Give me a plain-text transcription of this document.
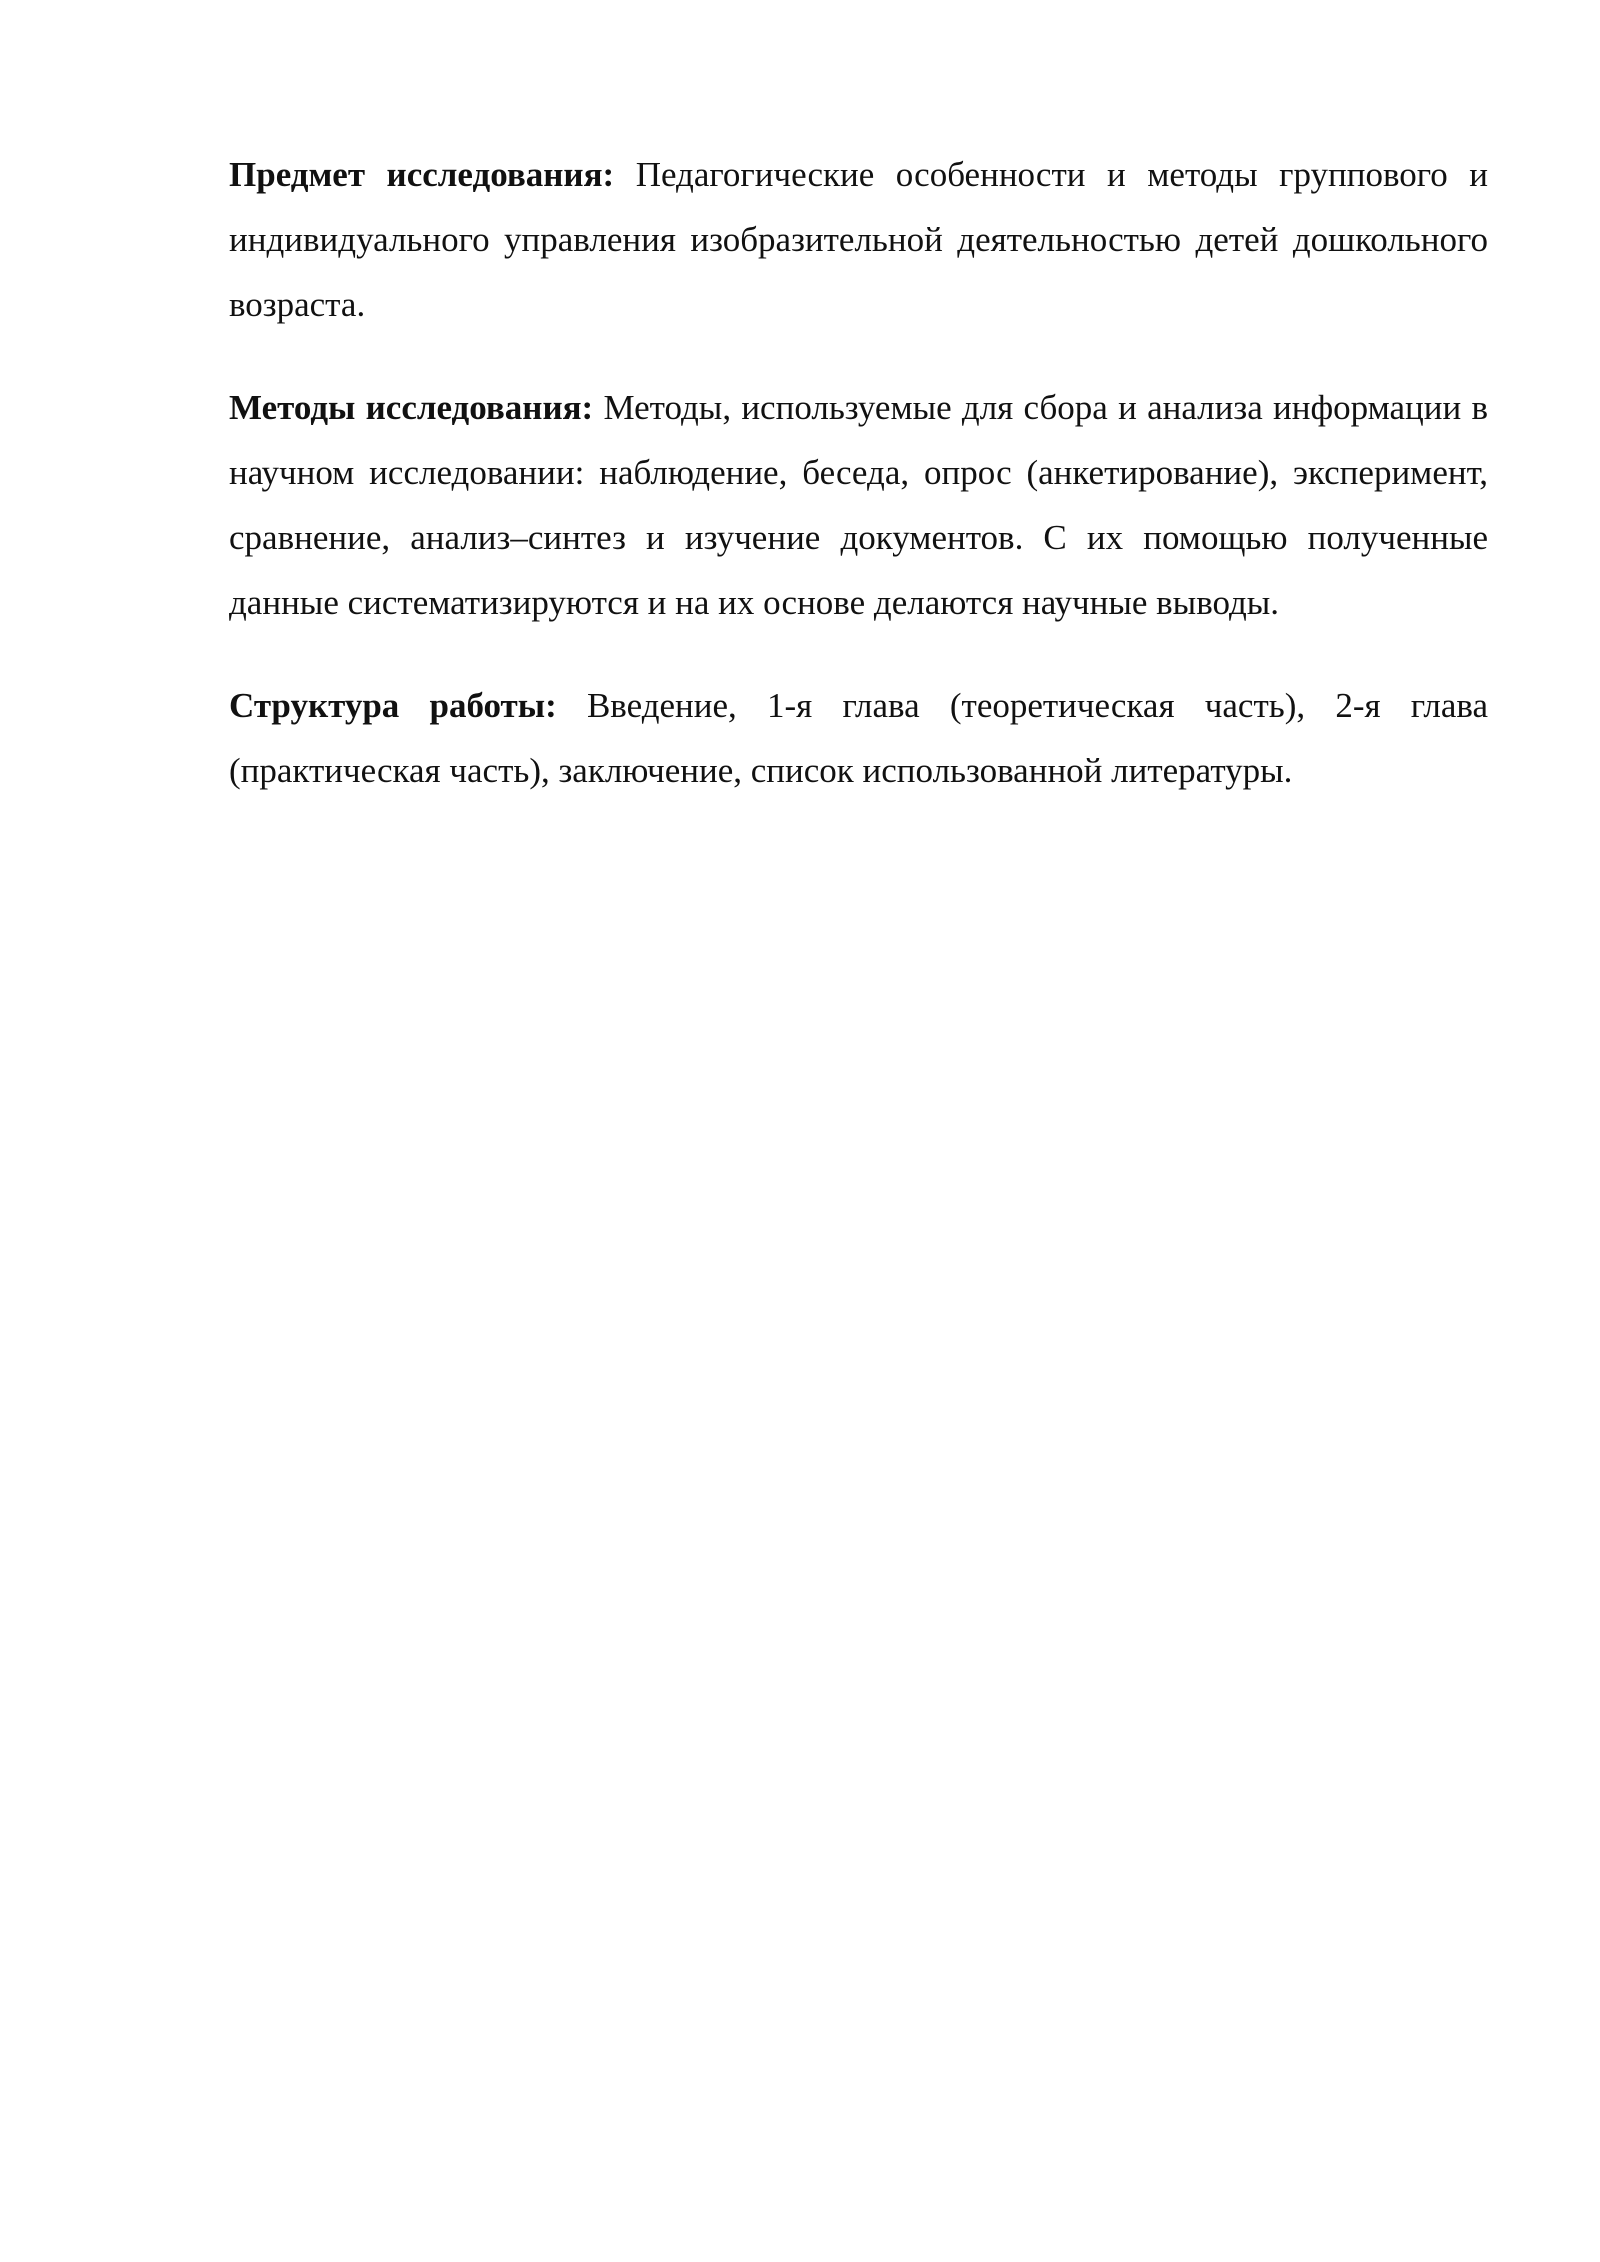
Предмет исследования: Педагогические особенности и методы группового и индивидуального управления изобразительной деятельностью детей дошкольного возраста.

Методы исследования: Методы, используемые для сбора и анализа информации в научном исследовании: наблюдение, беседа, опрос (анкетирование), эксперимент, сравнение, анализ–синтез и изучение документов. С их помощью полученные данные систематизируются и на их основе делаются научные выводы.

Структура работы: Введение, 1-я глава (теоретическая часть), 2-я глава (практическая часть), заключение, список использованной литературы.
